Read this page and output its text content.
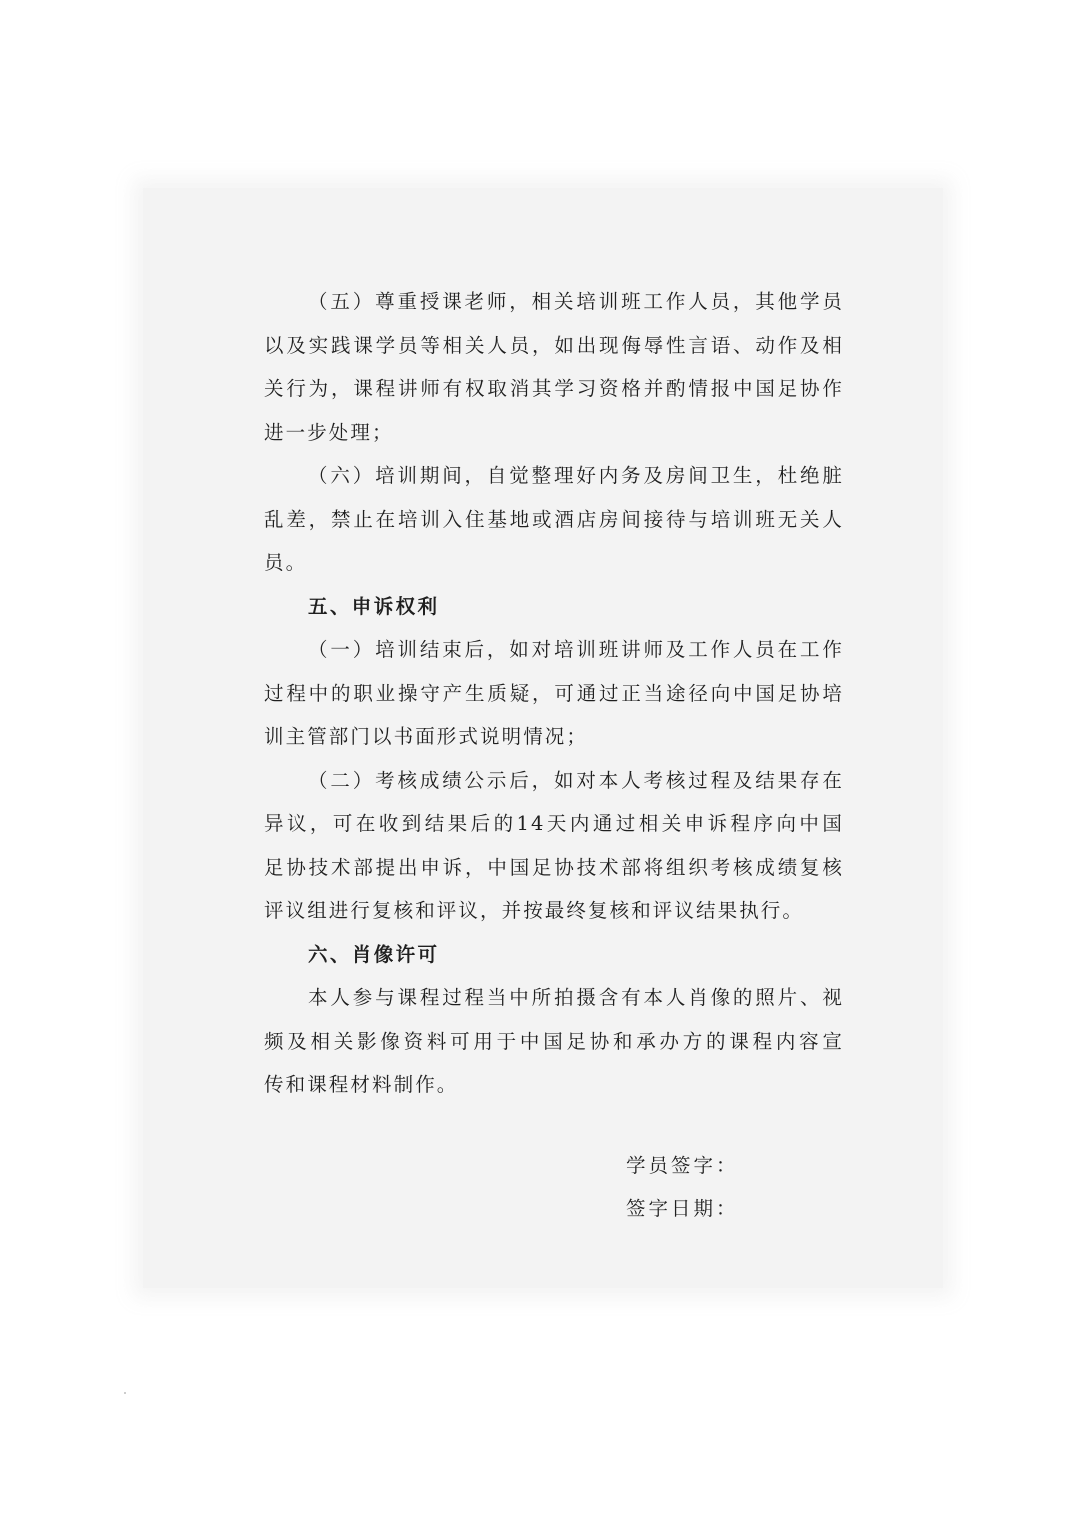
（五）尊重授课老师，相关培训班工作人员，其他学员
以及实践课学员等相关人员，如出现侮辱性言语、动作及相
关行为，课程讲师有权取消其学习资格并酌情报中国足协作
进一步处理；
（六）培训期间，自觉整理好内务及房间卫生，杜绝脏
乱差，禁止在培训入住基地或酒店房间接待与培训班无关人
员。
五、申诉权利
（一）培训结束后，如对培训班讲师及工作人员在工作
过程中的职业操守产生质疑，可通过正当途径向中国足协培
训主管部门以书面形式说明情况；
（二）考核成绩公示后，如对本人考核过程及结果存在
异议，可在收到结果后的14天内通过相关申诉程序向中国
足协技术部提出申诉，中国足协技术部将组织考核成绩复核
评议组进行复核和评议，并按最终复核和评议结果执行。
六、肖像许可
本人参与课程过程当中所拍摄含有本人肖像的照片、视
频及相关影像资料可用于中国足协和承办方的课程内容宣
传和课程材料制作。
学员签字：
签字日期：
